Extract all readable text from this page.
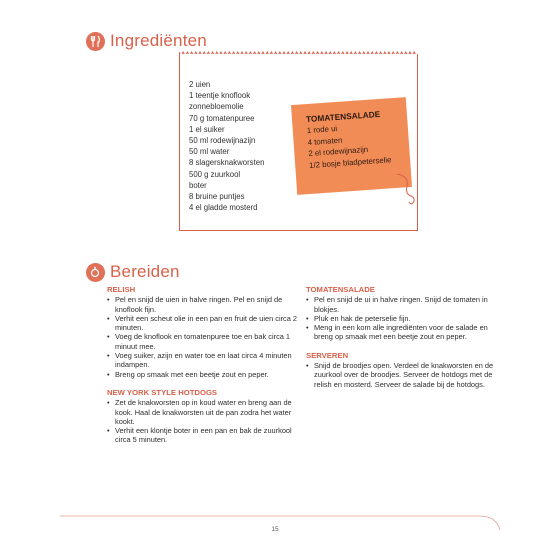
Ingrediënten
2 uien
1 teentje knoflook
zonnebloemolie
70 g tomatenpuree
1 el suiker
50 ml rodewijnazijn
50 ml water
8 slagersknakworsten
500 g zuurkool
boter
8 bruine puntjes
4 el gladde mosterd
TOMATENSALADE
1 rode ui
4 tomaten
2 el rodewijnazijn
1/2 bosje bladpeterselie
Bereiden
RELISH
• Pel en snijd de uien in halve ringen. Pel en snijd de knoflook fijn.
• Verhit een scheut olie in een pan en fruit de uien circa 2 minuten.
• Voeg de knoflook en tomatenpuree toe en bak circa 1 minuut mee.
• Voeg suiker, azijn en water toe en laat circa 4 minuten indampen.
• Breng op smaak met een beetje zout en peper.
NEW YORK STYLE HOTDOGS
• Zet de knakworsten op in koud water en breng aan de kook. Haal de knakworsten uit de pan zodra het water kookt.
• Verhit een klontje boter in een pan en bak de zuurkool circa 5 minuten.
TOMATENSALADE
• Pel en snijd de ui in halve ringen. Snijd de tomaten in blokjes.
• Pluk en hak de peterselie fijn.
• Meng in een kom alle ingrediënten voor de salade en breng op smaak met een beetje zout en peper.
SERVEREN
• Snijd de broodjes open. Verdeel de knakworsten en de zuurkool over de broodjes. Serveer de hotdogs met de relish en mosterd. Serveer de salade bij de hotdogs.
15
